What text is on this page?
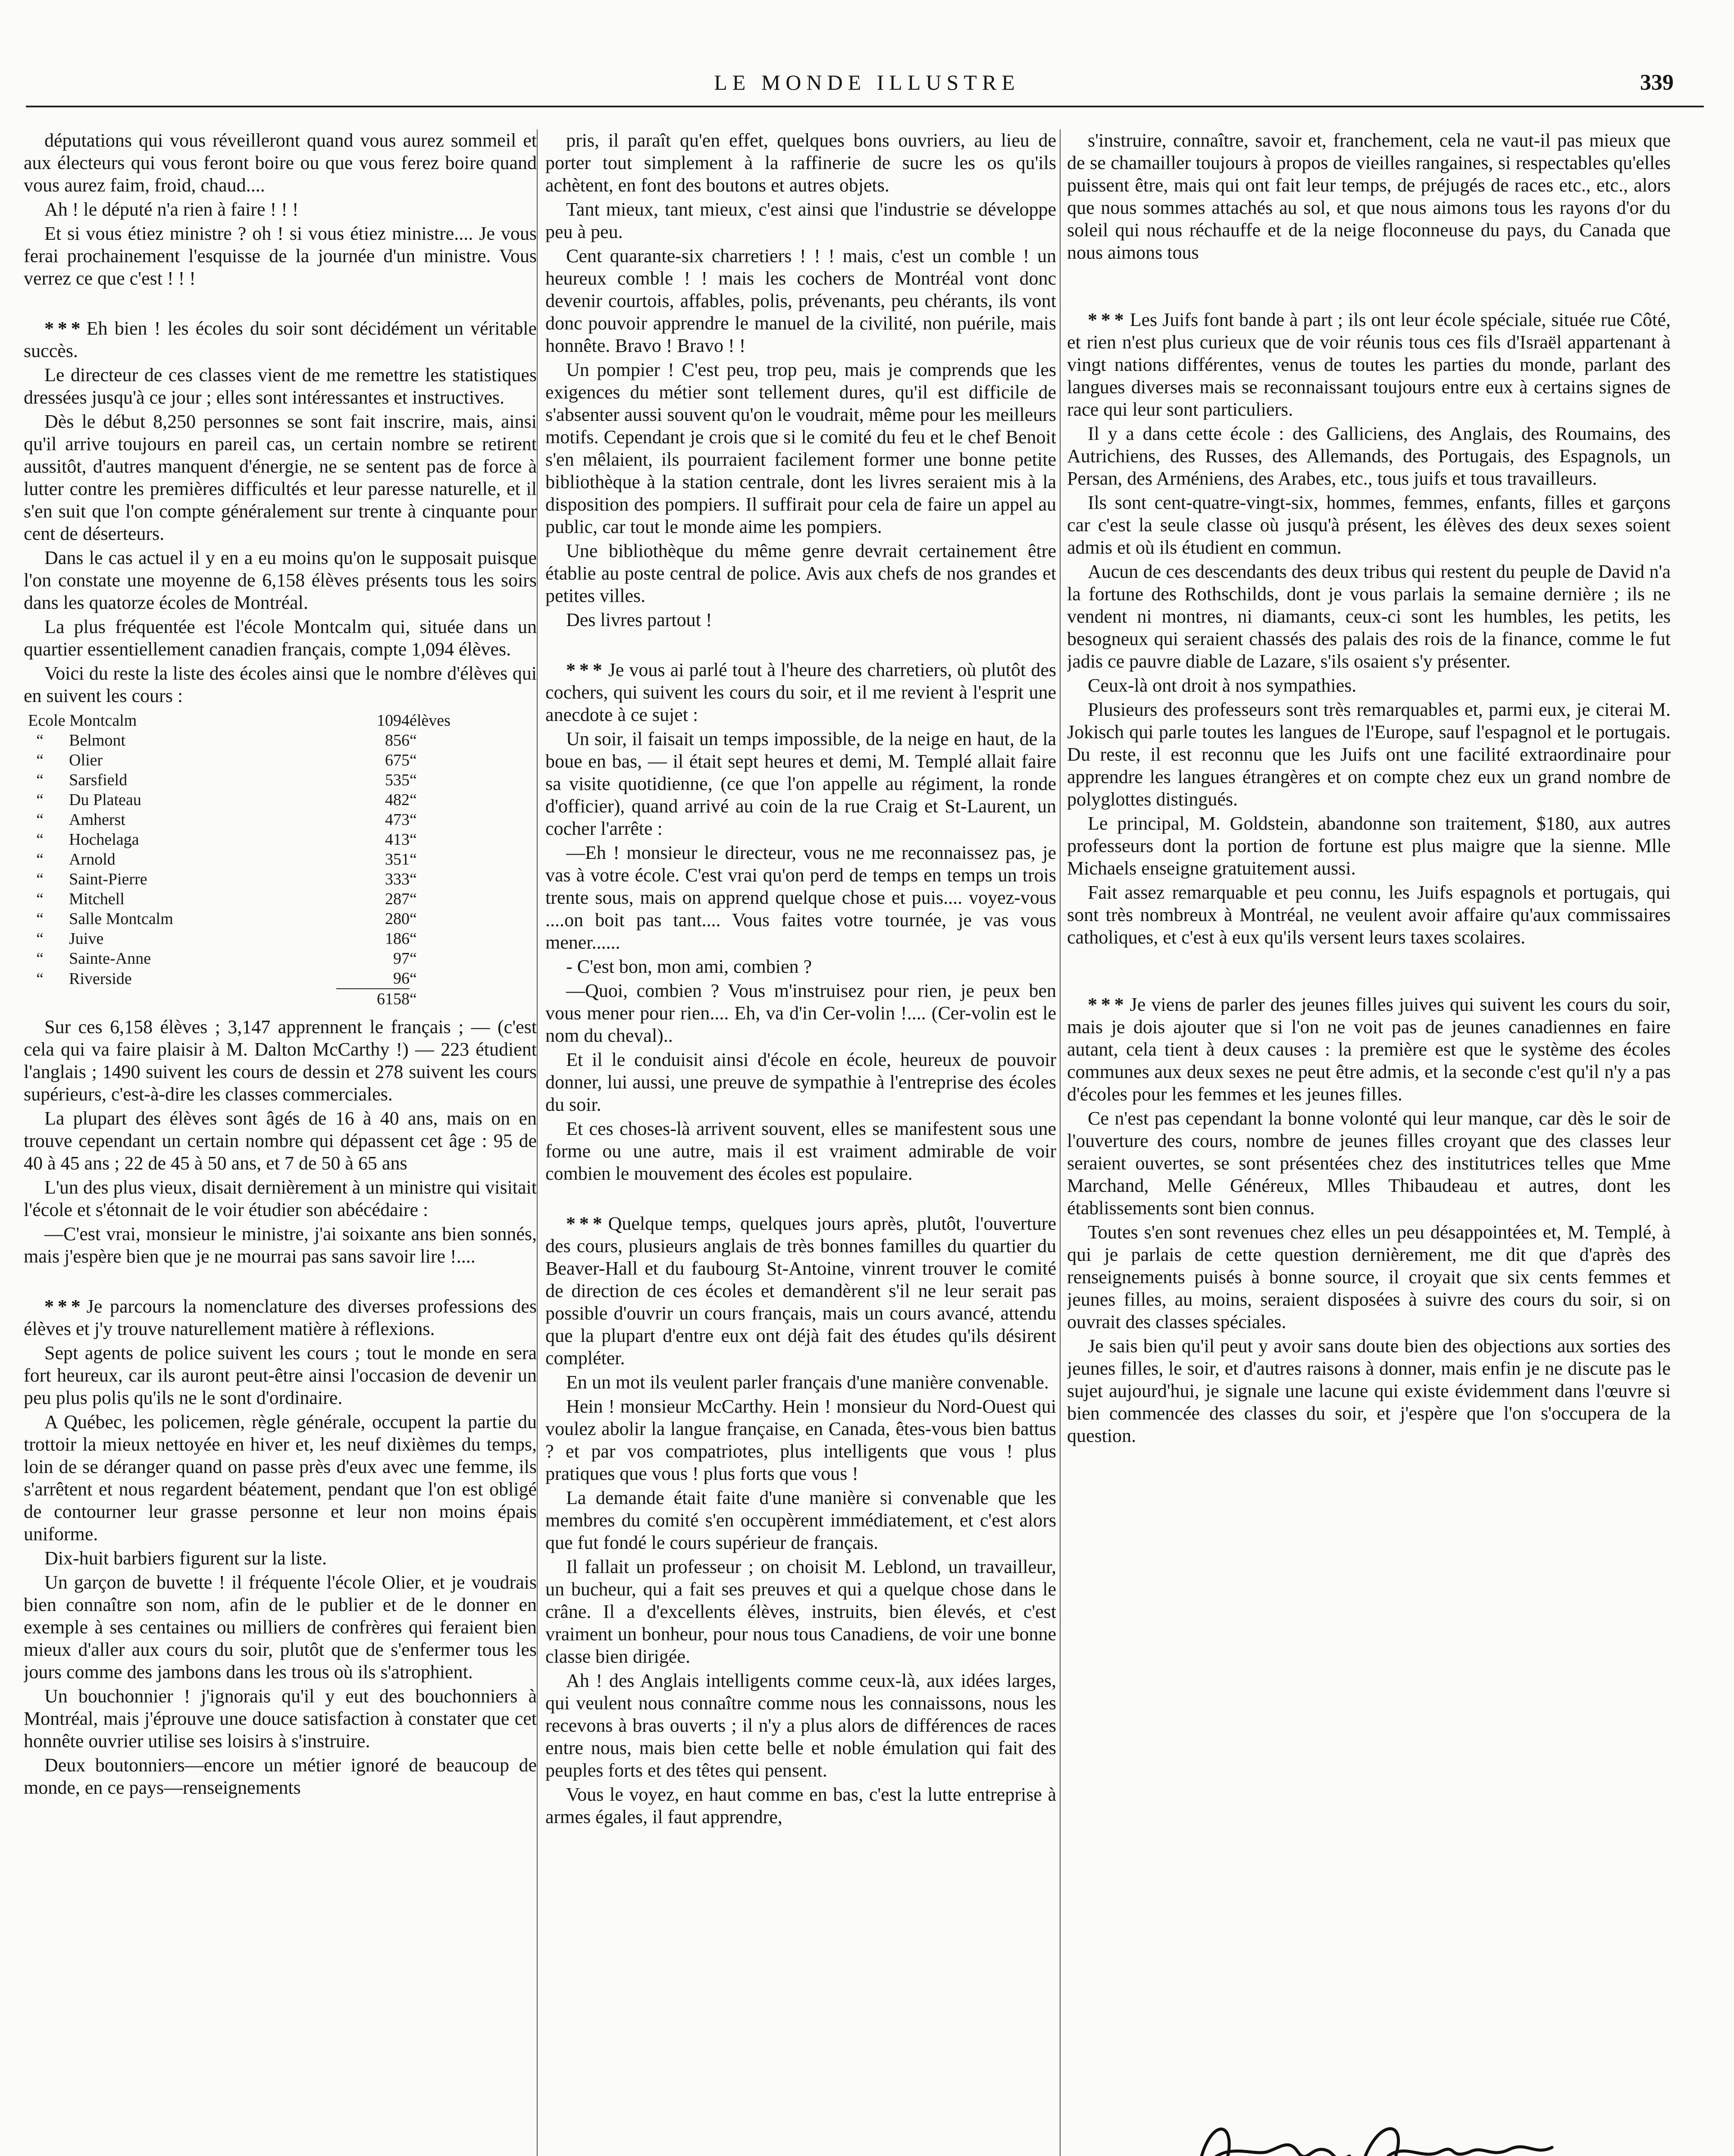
LE MONDE ILLUSTRE	339

députations qui vous réveilleront quand vous aurez sommeil et aux électeurs qui vous feront boire ou que vous ferez boire quand vous aurez faim, froid, chaud....

Ah ! le député n'a rien à faire ! ! !

Et si vous étiez ministre ? oh ! si vous étiez ministre.... Je vous ferai prochainement l'esquisse de la journée d'un ministre. Vous verrez ce que c'est ! ! !

* * * Eh bien ! les écoles du soir sont décidément un véritable succès.

Le directeur de ces classes vient de me remettre les statistiques dressées jusqu'à ce jour ; elles sont intéressantes et instructives.

Dès le début 8,250 personnes se sont fait inscrire, mais, ainsi qu'il arrive toujours en pareil cas, un certain nombre se retirent aussitôt, d'autres manquent d'énergie, ne se sentent pas de force à lutter contre les premières difficultés et leur paresse naturelle, et il s'en suit que l'on compte généralement sur trente à cinquante pour cent de déserteurs.

Dans le cas actuel il y en a eu moins qu'on le supposait puisque l'on constate une moyenne de 6,158 élèves présents tous les soirs dans les quatorze écoles de Montréal.

La plus fréquentée est l'école Montcalm qui, située dans un quartier essentiellement canadien français, compte 1,094 élèves.

Voici du reste la liste des écoles ainsi que le nombre d'élèves qui en suivent les cours :

Ecole Montcalm		1094	élèves
“	Belmont	856	“
“	Olier	675	“
“	Sarsfield	535	“
“	Du Plateau	482	“
“	Amherst	473	“
“	Hochelaga	413	“
“	Arnold	351	“
“	Saint-Pierre	333	“
“	Mitchell	287	“
“	Salle Montcalm	280	“
“	Juive	186	“
“	Sainte-Anne	97	“
“	Riverside	96	“
		6158	“

Sur ces 6,158 élèves ; 3,147 apprennent le français ; — (c'est cela qui va faire plaisir à M. Dalton McCarthy !) — 223 étudient l'anglais ; 1490 suivent les cours de dessin et 278 suivent les cours supérieurs, c'est-à-dire les classes commerciales.

La plupart des élèves sont âgés de 16 à 40 ans, mais on en trouve cependant un certain nombre qui dépassent cet âge : 95 de 40 à 45 ans ; 22 de 45 à 50 ans, et 7 de 50 à 65 ans

L'un des plus vieux, disait dernièrement à un ministre qui visitait l'école et s'étonnait de le voir étudier son abécédaire :

—C'est vrai, monsieur le ministre, j'ai soixante ans bien sonnés, mais j'espère bien que je ne mourrai pas sans savoir lire !....

* * * Je parcours la nomenclature des diverses professions des élèves et j'y trouve naturellement matière à réflexions.

Sept agents de police suivent les cours ; tout le monde en sera fort heureux, car ils auront peut-être ainsi l'occasion de devenir un peu plus polis qu'ils ne le sont d'ordinaire.

A Québec, les policemen, règle générale, occupent la partie du trottoir la mieux nettoyée en hiver et, les neuf dixièmes du temps, loin de se déranger quand on passe près d'eux avec une femme, ils s'arrêtent et nous regardent béatement, pendant que l'on est obligé de contourner leur grasse personne et leur non moins épais uniforme.

Dix-huit barbiers figurent sur la liste.

Un garçon de buvette ! il fréquente l'école Olier, et je voudrais bien connaître son nom, afin de le publier et de le donner en exemple à ses centaines ou milliers de confrères qui feraient bien mieux d'aller aux cours du soir, plutôt que de s'enfermer tous les jours comme des jambons dans les trous où ils s'atrophient.

Un bouchonnier ! j'ignorais qu'il y eut des bouchonniers à Montréal, mais j'éprouve une douce satisfaction à constater que cet honnête ouvrier utilise ses loisirs à s'instruire.

Deux boutonniers—encore un métier ignoré de beaucoup de monde, en ce pays—renseignements

pris, il paraît qu'en effet, quelques bons ouvriers, au lieu de porter tout simplement à la raffinerie de sucre les os qu'ils achètent, en font des boutons et autres objets.

Tant mieux, tant mieux, c'est ainsi que l'industrie se développe peu à peu.

Cent quarante-six charretiers ! ! ! mais, c'est un comble ! un heureux comble ! ! mais les cochers de Montréal vont donc devenir courtois, affables, polis, prévenants, peu chérants, ils vont donc pouvoir apprendre le manuel de la civilité, non puérile, mais honnête. Bravo ! Bravo ! !

Un pompier ! C'est peu, trop peu, mais je comprends que les exigences du métier sont tellement dures, qu'il est difficile de s'absenter aussi souvent qu'on le voudrait, même pour les meilleurs motifs. Cependant je crois que si le comité du feu et le chef Benoit s'en mêlaient, ils pourraient facilement former une bonne petite bibliothèque à la station centrale, dont les livres seraient mis à la disposition des pompiers. Il suffirait pour cela de faire un appel au public, car tout le monde aime les pompiers.

Une bibliothèque du même genre devrait certainement être établie au poste central de police. Avis aux chefs de nos grandes et petites villes.

Des livres partout !

* * * Je vous ai parlé tout à l'heure des charretiers, où plutôt des cochers, qui suivent les cours du soir, et il me revient à l'esprit une anecdote à ce sujet :

Un soir, il faisait un temps impossible, de la neige en haut, de la boue en bas, — il était sept heures et demi, M. Templé allait faire sa visite quotidienne, (ce que l'on appelle au régiment, la ronde d'officier), quand arrivé au coin de la rue Craig et St-Laurent, un cocher l'arrête :

—Eh ! monsieur le directeur, vous ne me reconnaissez pas, je vas à votre école. C'est vrai qu'on perd de temps en temps un trois trente sous, mais on apprend quelque chose et puis.... voyez-vous ....on boit pas tant.... Vous faites votre tournée, je vas vous mener......

- C'est bon, mon ami, combien ?

—Quoi, combien ? Vous m'instruisez pour rien, je peux ben vous mener pour rien.... Eh, va d'in Cer-volin !.... (Cer-volin est le nom du cheval)..

Et il le conduisit ainsi d'école en école, heureux de pouvoir donner, lui aussi, une preuve de sympathie à l'entreprise des écoles du soir.

Et ces choses-là arrivent souvent, elles se manifestent sous une forme ou une autre, mais il est vraiment admirable de voir combien le mouvement des écoles est populaire.

* * * Quelque temps, quelques jours après, plutôt, l'ouverture des cours, plusieurs anglais de très bonnes familles du quartier du Beaver-Hall et du faubourg St-Antoine, vinrent trouver le comité de direction de ces écoles et demandèrent s'il ne leur serait pas possible d'ouvrir un cours français, mais un cours avancé, attendu que la plupart d'entre eux ont déjà fait des études qu'ils désirent compléter.

En un mot ils veulent parler français d'une manière convenable.

Hein ! monsieur McCarthy. Hein ! monsieur du Nord-Ouest qui voulez abolir la langue française, en Canada, êtes-vous bien battus ? et par vos compatriotes, plus intelligents que vous ! plus pratiques que vous ! plus forts que vous !

La demande était faite d'une manière si convenable que les membres du comité s'en occupèrent immédiatement, et c'est alors que fut fondé le cours supérieur de français.

Il fallait un professeur ; on choisit M. Leblond, un travailleur, un bucheur, qui a fait ses preuves et qui a quelque chose dans le crâne. Il a d'excellents élèves, instruits, bien élevés, et c'est vraiment un bonheur, pour nous tous Canadiens, de voir une bonne classe bien dirigée.

Ah ! des Anglais intelligents comme ceux-là, aux idées larges, qui veulent nous connaître comme nous les connaissons, nous les recevons à bras ouverts ; il n'y a plus alors de différences de races entre nous, mais bien cette belle et noble émulation qui fait des peuples forts et des têtes qui pensent.

Vous le voyez, en haut comme en bas, c'est la lutte entreprise à armes égales, il faut apprendre,

s'instruire, connaître, savoir et, franchement, cela ne vaut-il pas mieux que de se chamailler toujours à propos de vieilles rangaines, si respectables qu'elles puissent être, mais qui ont fait leur temps, de préjugés de races etc., etc., alors que nous sommes attachés au sol, et que nous aimons tous les rayons d'or du soleil qui nous réchauffe et de la neige floconneuse du pays, du Canada que nous aimons tous

* * * Les Juifs font bande à part ; ils ont leur école spéciale, située rue Côté, et rien n'est plus curieux que de voir réunis tous ces fils d'Israël appartenant à vingt nations différentes, venus de toutes les parties du monde, parlant des langues diverses mais se reconnaissant toujours entre eux à certains signes de race qui leur sont particuliers.

Il y a dans cette école : des Galliciens, des Anglais, des Roumains, des Autrichiens, des Russes, des Allemands, des Portugais, des Espagnols, un Persan, des Arméniens, des Arabes, etc., tous juifs et tous travailleurs.

Ils sont cent-quatre-vingt-six, hommes, femmes, enfants, filles et garçons car c'est la seule classe où jusqu'à présent, les élèves des deux sexes soient admis et où ils étudient en commun.

Aucun de ces descendants des deux tribus qui restent du peuple de David n'a la fortune des Rothschilds, dont je vous parlais la semaine dernière ; ils ne vendent ni montres, ni diamants, ceux-ci sont les humbles, les petits, les besogneux qui seraient chassés des palais des rois de la finance, comme le fut jadis ce pauvre diable de Lazare, s'ils osaient s'y présenter.

Ceux-là ont droit à nos sympathies.

Plusieurs des professeurs sont très remarquables et, parmi eux, je citerai M. Jokisch qui parle toutes les langues de l'Europe, sauf l'espagnol et le portugais. Du reste, il est reconnu que les Juifs ont une facilité extraordinaire pour apprendre les langues étrangères et on compte chez eux un grand nombre de polyglottes distingués.

Le principal, M. Goldstein, abandonne son traitement, $180, aux autres professeurs dont la portion de fortune est plus maigre que la sienne. Mlle Michaels enseigne gratuitement aussi.

Fait assez remarquable et peu connu, les Juifs espagnols et portugais, qui sont très nombreux à Montréal, ne veulent avoir affaire qu'aux commissaires catholiques, et c'est à eux qu'ils versent leurs taxes scolaires.

* * * Je viens de parler des jeunes filles juives qui suivent les cours du soir, mais je dois ajouter que si l'on ne voit pas de jeunes canadiennes en faire autant, cela tient à deux causes : la première est que le système des écoles communes aux deux sexes ne peut être admis, et la seconde c'est qu'il n'y a pas d'écoles pour les femmes et les jeunes filles.

Ce n'est pas cependant la bonne volonté qui leur manque, car dès le soir de l'ouverture des cours, nombre de jeunes filles croyant que des classes leur seraient ouvertes, se sont présentées chez des institutrices telles que Mme Marchand, Melle Généreux, Mlles Thibaudeau et autres, dont les établissements sont bien connus.

Toutes s'en sont revenues chez elles un peu désappointées et, M. Templé, à qui je parlais de cette question dernièrement, me dit que d'après des renseignements puisés à bonne source, il croyait que six cents femmes et jeunes filles, au moins, seraient disposées à suivre des cours du soir, si on ouvrait des classes spéciales.

Je sais bien qu'il peut y avoir sans doute bien des objections aux sorties des jeunes filles, le soir, et d'autres raisons à donner, mais enfin je ne discute pas le sujet aujourd'hui, je signale une lacune qui existe évidemment dans l'œuvre si bien commencée des classes du soir, et j'espère que l'on s'occupera de la question.
